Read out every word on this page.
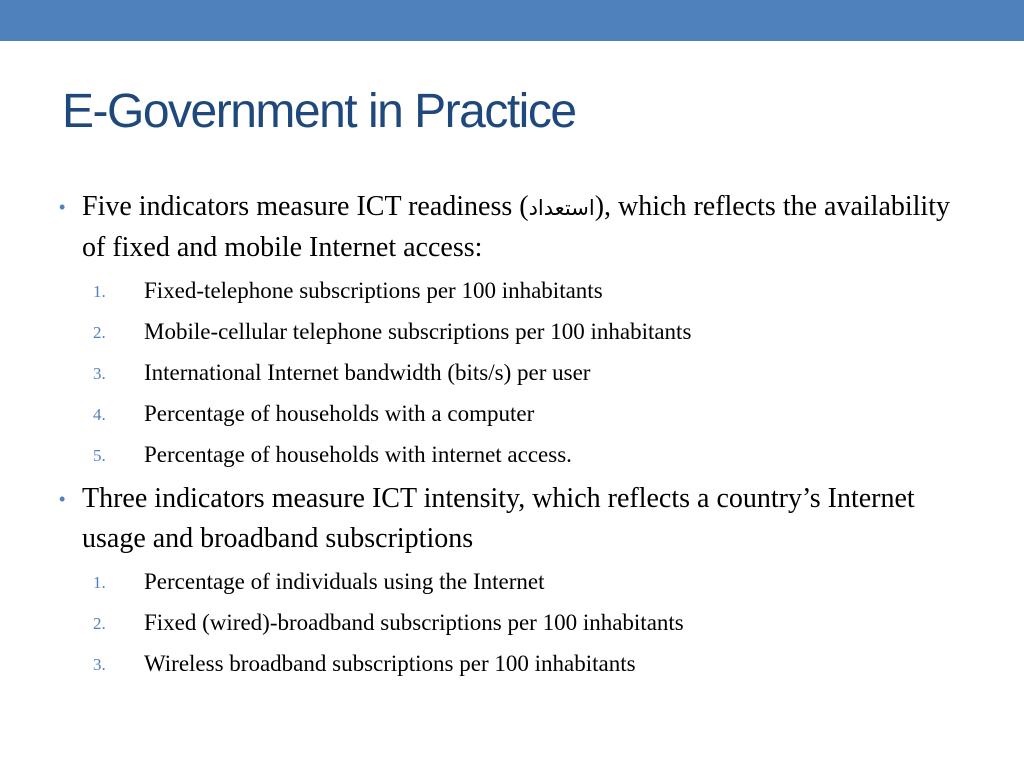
E-Government in Practice
• Five indicators measure ICT readiness (استعداد), which reflects the availability of fixed and mobile Internet access:
1. Fixed-telephone subscriptions per 100 inhabitants
2. Mobile-cellular telephone subscriptions per 100 inhabitants
3. International Internet bandwidth (bits/s) per user
4. Percentage of households with a computer
5. Percentage of households with internet access.
• Three indicators measure ICT intensity, which reflects a country’s Internet usage and broadband subscriptions
1. Percentage of individuals using the Internet
2. Fixed (wired)-broadband subscriptions per 100 inhabitants
3. Wireless broadband subscriptions per 100 inhabitants
